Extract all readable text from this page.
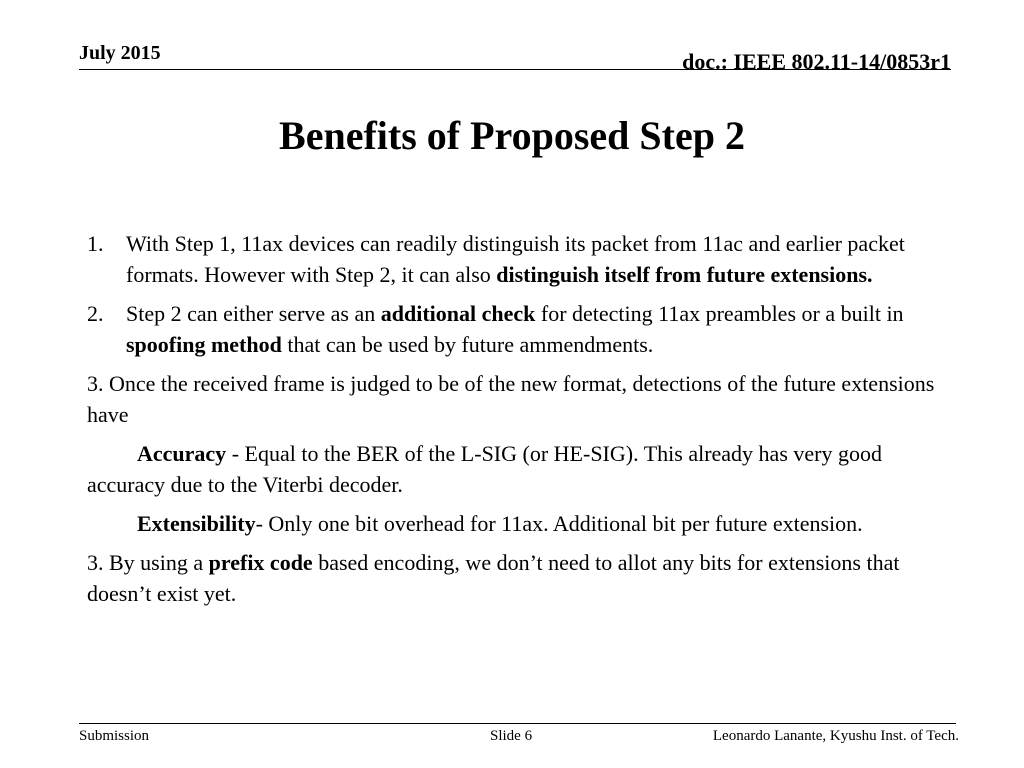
July 2015	doc.: IEEE 802.11-14/0853r1
Benefits of Proposed Step 2
1. With Step 1, 11ax devices can readily distinguish its packet from 11ac and earlier packet formats. However with Step 2, it can also distinguish itself from future extensions.
2. Step 2 can either serve as an additional check for detecting 11ax preambles or a built in spoofing method that can be used by future ammendments.
3. Once the received frame is judged to be of the new format, detections of the future extensions have
Accuracy - Equal to the BER of the L-SIG (or HE-SIG). This already has very good accuracy due to the Viterbi decoder.
Extensibility- Only one bit overhead for 11ax. Additional bit per future extension.
3. By using a prefix code based encoding, we don’t need to allot any bits for extensions that doesn’t exist yet.
Submission	Slide 6	Leonardo Lanante, Kyushu Inst. of Tech.
